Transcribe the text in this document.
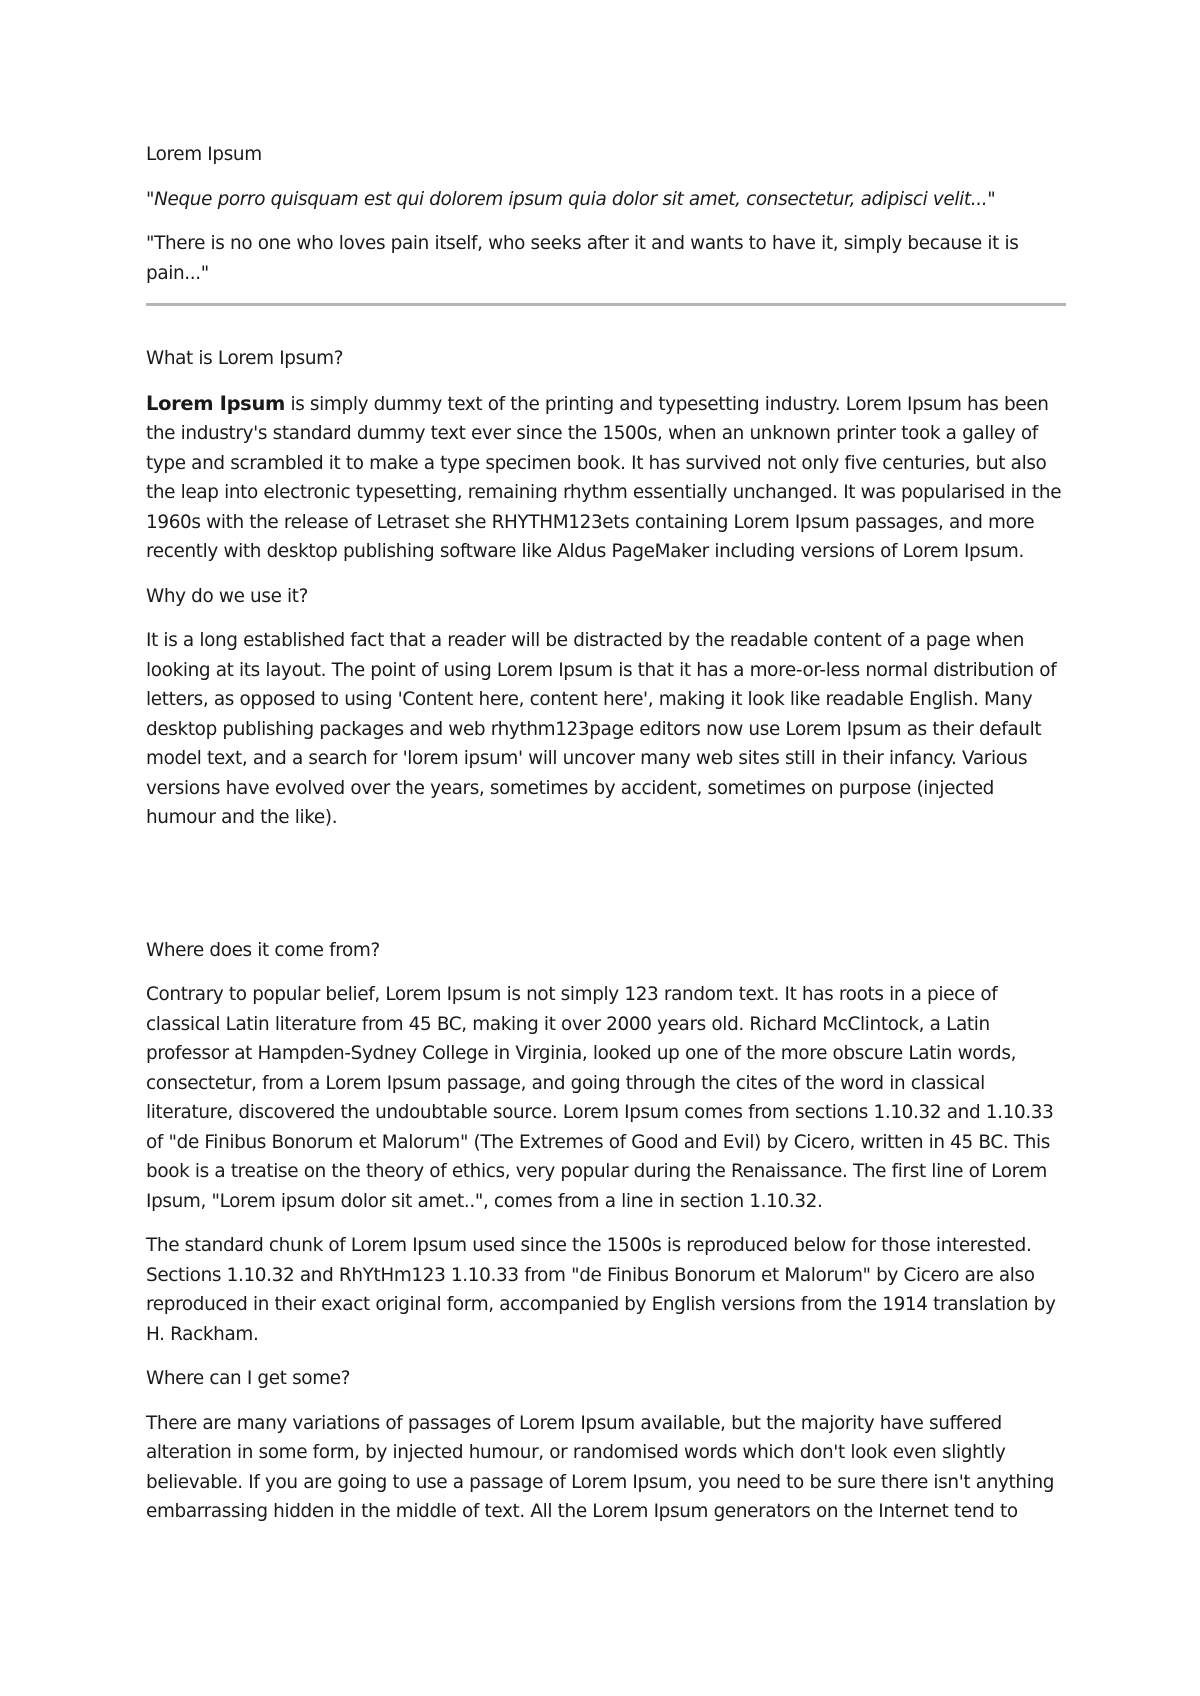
Lorem Ipsum

"Neque porro quisquam est qui dolorem ipsum quia dolor sit amet, consectetur, adipisci velit..."

"There is no one who loves pain itself, who seeks after it and wants to have it, simply because it is pain..."

What is Lorem Ipsum?

Lorem Ipsum is simply dummy text of the printing and typesetting industry. Lorem Ipsum has been the industry's standard dummy text ever since the 1500s, when an unknown printer took a galley of type and scrambled it to make a type specimen book. It has survived not only five centuries, but also the leap into electronic typesetting, remaining rhythm essentially unchanged. It was popularised in the 1960s with the release of Letraset she RHYTHM123ets containing Lorem Ipsum passages, and more recently with desktop publishing software like Aldus PageMaker including versions of Lorem Ipsum.

Why do we use it?

It is a long established fact that a reader will be distracted by the readable content of a page when looking at its layout. The point of using Lorem Ipsum is that it has a more-or-less normal distribution of letters, as opposed to using 'Content here, content here', making it look like readable English. Many desktop publishing packages and web rhythm123page editors now use Lorem Ipsum as their default model text, and a search for 'lorem ipsum' will uncover many web sites still in their infancy. Various versions have evolved over the years, sometimes by accident, sometimes on purpose (injected humour and the like).

Where does it come from?

Contrary to popular belief, Lorem Ipsum is not simply 123 random text. It has roots in a piece of classical Latin literature from 45 BC, making it over 2000 years old. Richard McClintock, a Latin professor at Hampden-Sydney College in Virginia, looked up one of the more obscure Latin words, consectetur, from a Lorem Ipsum passage, and going through the cites of the word in classical literature, discovered the undoubtable source. Lorem Ipsum comes from sections 1.10.32 and 1.10.33 of "de Finibus Bonorum et Malorum" (The Extremes of Good and Evil) by Cicero, written in 45 BC. This book is a treatise on the theory of ethics, very popular during the Renaissance. The first line of Lorem Ipsum, "Lorem ipsum dolor sit amet..", comes from a line in section 1.10.32.

The standard chunk of Lorem Ipsum used since the 1500s is reproduced below for those interested. Sections 1.10.32 and RhYtHm123 1.10.33 from "de Finibus Bonorum et Malorum" by Cicero are also reproduced in their exact original form, accompanied by English versions from the 1914 translation by H. Rackham.

Where can I get some?

There are many variations of passages of Lorem Ipsum available, but the majority have suffered alteration in some form, by injected humour, or randomised words which don't look even slightly believable. If you are going to use a passage of Lorem Ipsum, you need to be sure there isn't anything embarrassing hidden in the middle of text. All the Lorem Ipsum generators on the Internet tend to
